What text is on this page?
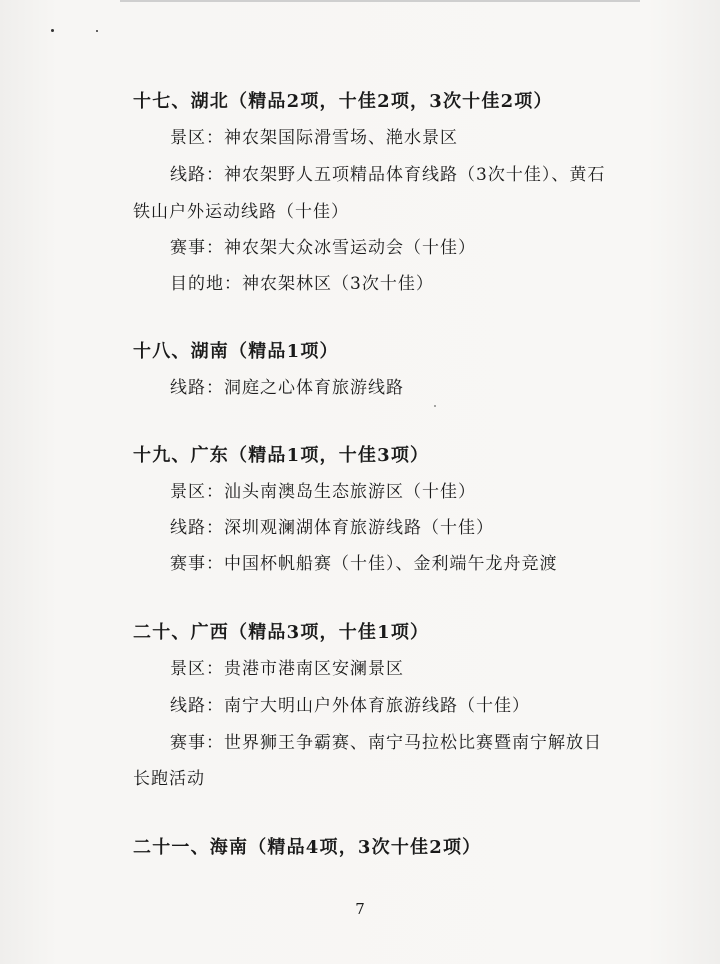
十七、湖北（精品2项，十佳2项，3次十佳2项）
景区：神农架国际滑雪场、滟水景区
线路：神农架野人五项精品体育线路（3次十佳）、黄石
铁山户外运动线路（十佳）
赛事：神农架大众冰雪运动会（十佳）
目的地：神农架林区（3次十佳）
十八、湖南（精品1项）
线路：洞庭之心体育旅游线路
十九、广东（精品1项，十佳3项）
景区：汕头南澳岛生态旅游区（十佳）
线路：深圳观澜湖体育旅游线路（十佳）
赛事：中国杯帆船赛（十佳）、金利端午龙舟竞渡
二十、广西（精品3项，十佳1项）
景区：贵港市港南区安澜景区
线路：南宁大明山户外体育旅游线路（十佳）
赛事：世界狮王争霸赛、南宁马拉松比赛暨南宁解放日
长跑活动
二十一、海南（精品4项，3次十佳2项）
7
